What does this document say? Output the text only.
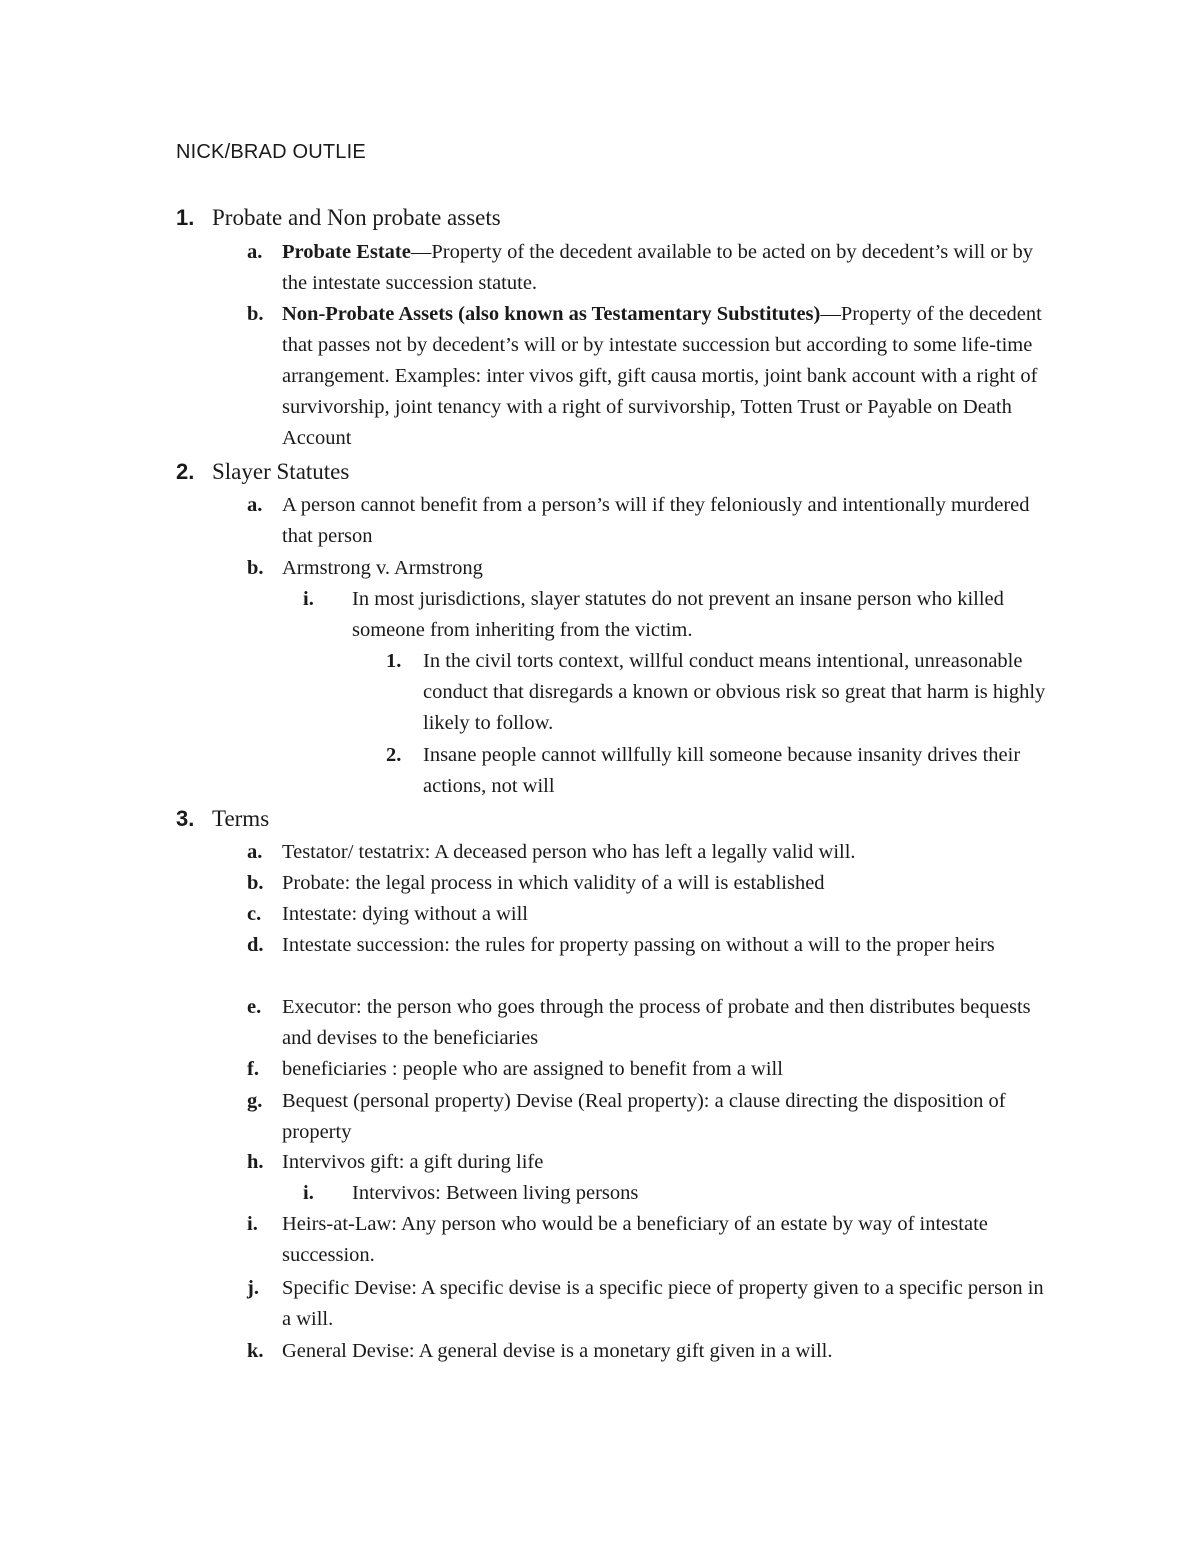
NICK/BRAD OUTLIE
1. Probate and Non probate assets
a. Probate Estate—Property of the decedent available to be acted on by decedent’s will or by the intestate succession statute.
b. Non-Probate Assets (also known as Testamentary Substitutes)—Property of the decedent that passes not by decedent’s will or by intestate succession but according to some life-time arrangement. Examples: inter vivos gift, gift causa mortis, joint bank account with a right of survivorship, joint tenancy with a right of survivorship, Totten Trust or Payable on Death Account
2. Slayer Statutes
a. A person cannot benefit from a person’s will if they feloniously and intentionally murdered that person
b. Armstrong v. Armstrong
i. In most jurisdictions, slayer statutes do not prevent an insane person who killed someone from inheriting from the victim.
1. In the civil torts context, willful conduct means intentional, unreasonable conduct that disregards a known or obvious risk so great that harm is highly likely to follow.
2. Insane people cannot willfully kill someone because insanity drives their actions, not will
3. Terms
a. Testator/ testatrix: A deceased person who has left a legally valid will.
b. Probate: the legal process in which validity of a will is established
c. Intestate: dying without a will
d. Intestate succession: the rules for property passing on without a will to the proper heirs
e. Executor: the person who goes through the process of probate and then distributes bequests and devises to the beneficiaries
f. beneficiaries : people who are assigned to benefit from a will
g. Bequest (personal property) Devise (Real property): a clause directing the disposition of property
h. Intervivos gift: a gift during life
i. Intervivos: Between living persons
i. Heirs-at-Law: Any person who would be a beneficiary of an estate by way of intestate succession.
j. Specific Devise: A specific devise is a specific piece of property given to a specific person in a will.
k. General Devise: A general devise is a monetary gift given in a will.
